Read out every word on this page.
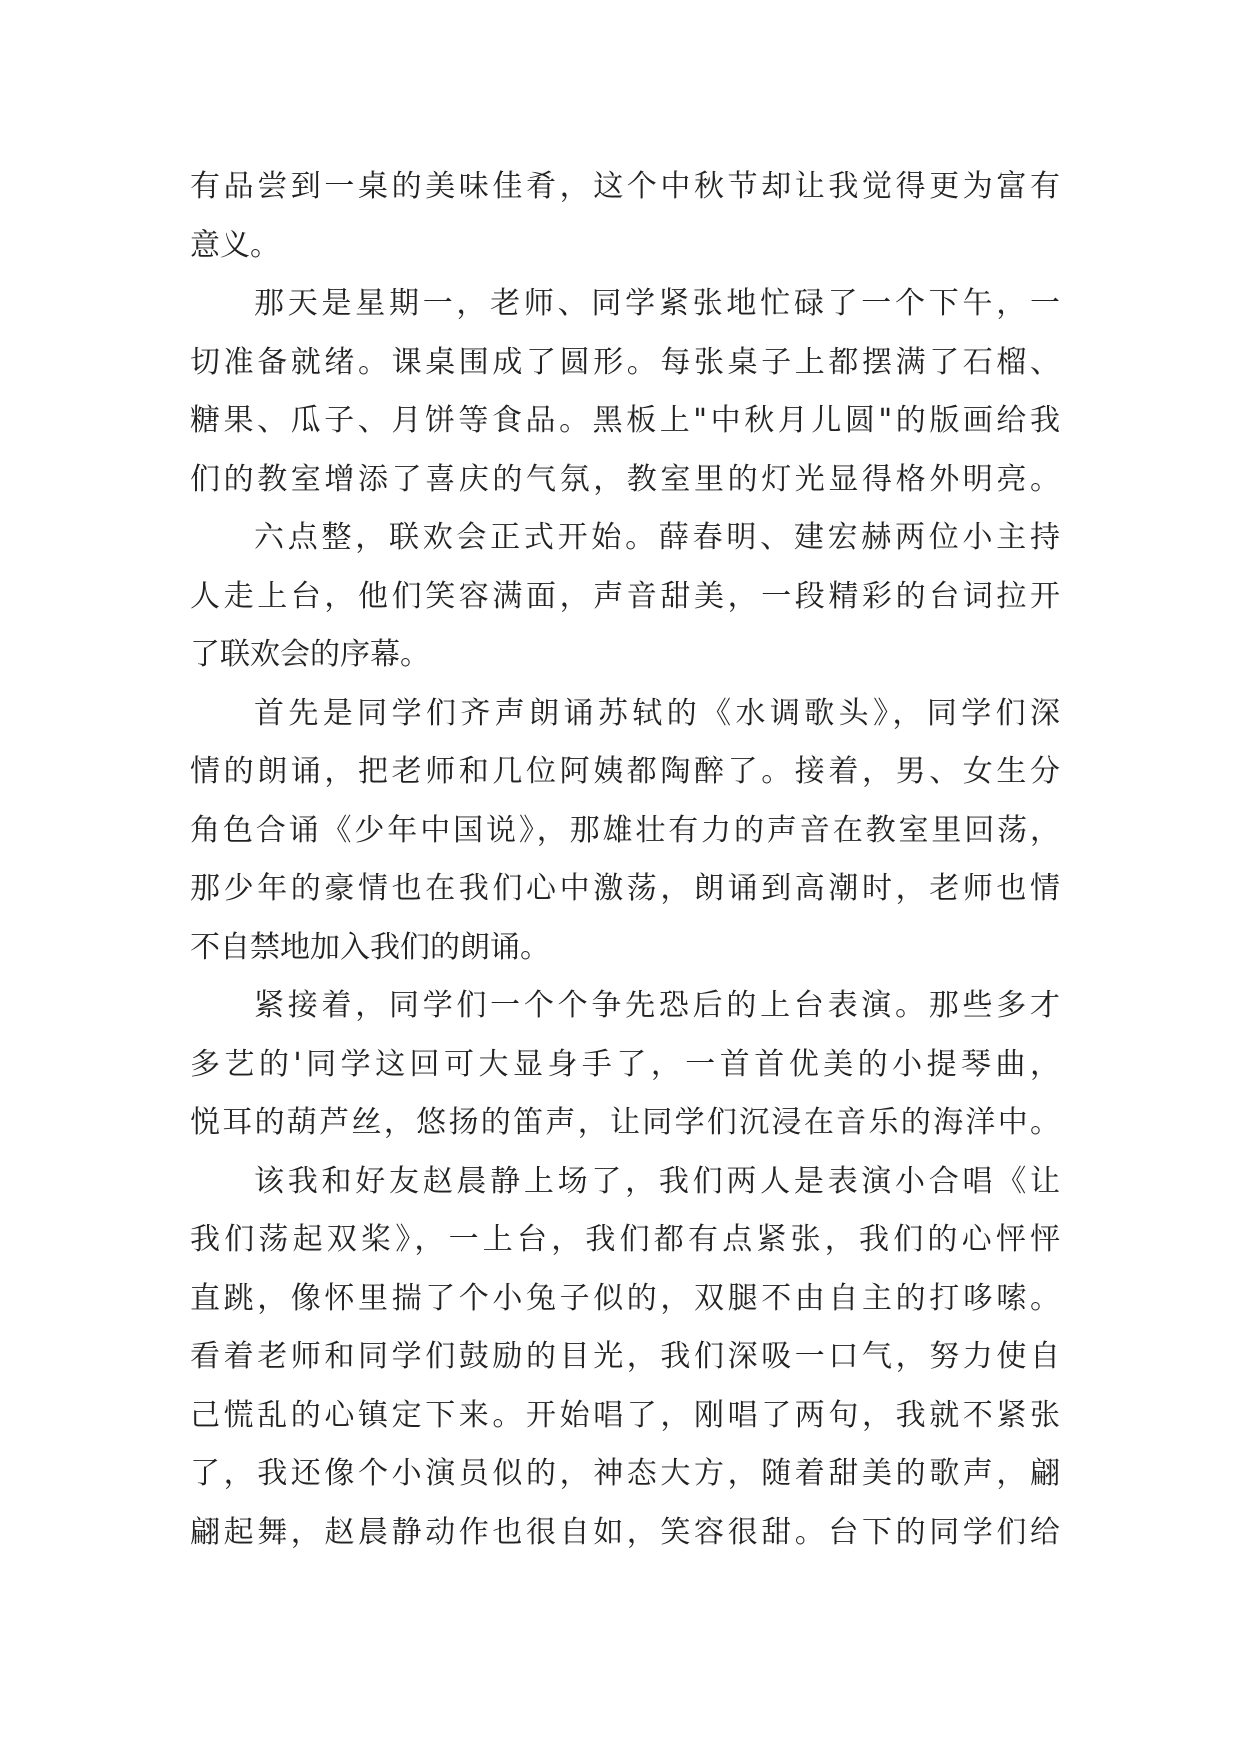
有品尝到一桌的美味佳肴，这个中秋节却让我觉得更为富有
意义。
那天是星期一，老师、同学紧张地忙碌了一个下午，一
切准备就绪。课桌围成了圆形。每张桌子上都摆满了石榴、
糖果、瓜子、月饼等食品。黑板上"中秋月儿圆"的版画给我
们的教室增添了喜庆的气氛，教室里的灯光显得格外明亮。
六点整，联欢会正式开始。薛春明、建宏赫两位小主持
人走上台，他们笑容满面，声音甜美，一段精彩的台词拉开
了联欢会的序幕。
首先是同学们齐声朗诵苏轼的《水调歌头》，同学们深
情的朗诵，把老师和几位阿姨都陶醉了。接着，男、女生分
角色合诵《少年中国说》，那雄壮有力的声音在教室里回荡，
那少年的豪情也在我们心中激荡，朗诵到高潮时，老师也情
不自禁地加入我们的朗诵。
紧接着，同学们一个个争先恐后的上台表演。那些多才
多艺的'同学这回可大显身手了，一首首优美的小提琴曲，
悦耳的葫芦丝，悠扬的笛声，让同学们沉浸在音乐的海洋中。
该我和好友赵晨静上场了，我们两人是表演小合唱《让
我们荡起双桨》，一上台，我们都有点紧张，我们的心怦怦
直跳，像怀里揣了个小兔子似的，双腿不由自主的打哆嗦。
看着老师和同学们鼓励的目光，我们深吸一口气，努力使自
己慌乱的心镇定下来。开始唱了，刚唱了两句，我就不紧张
了，我还像个小演员似的，神态大方，随着甜美的歌声，翩
翩起舞，赵晨静动作也很自如，笑容很甜。台下的同学们给
